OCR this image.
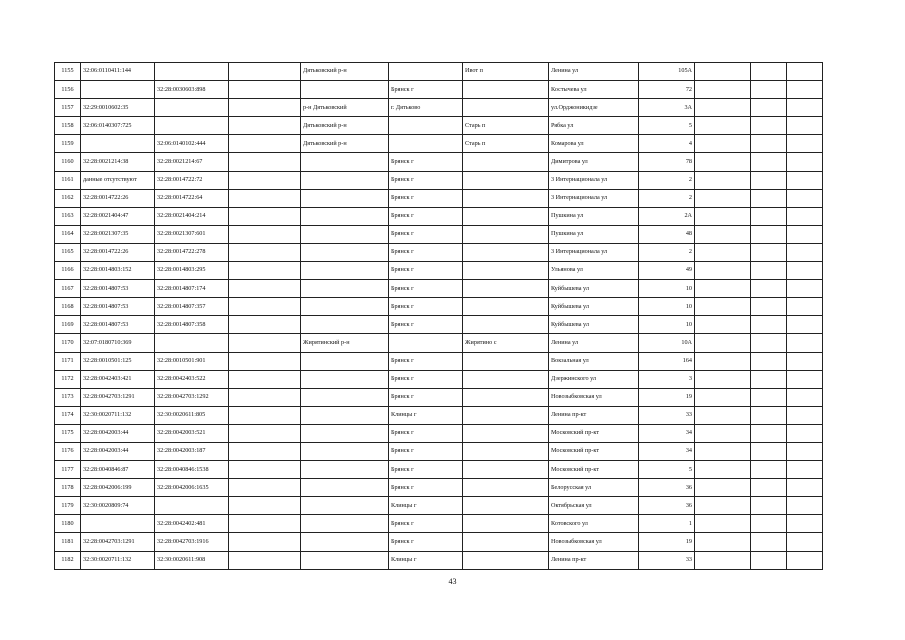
1155	32:06:0110411:144			Дятьковский р-н		Ивот п	Ленина ул	105А			
1156		32:28:0030603:898			Брянск г		Костычева ул	72			
1157	32:29:0010602:35			р-н Дятьковский	г. Дятьково		ул.Орджоникидзе	3А			
1158	32:06:0140307:725			Дятьковский р-н		Старь п	Рябка ул	5			
1159		32:06:0140102:444		Дятьковский р-н		Старь п	Комарова ул	4			
1160	32:28:0021214:38	32:28:0021214:67			Брянск г		Димитрова ул	78			
1161	данные отсутствуют	32:28:0014722:72			Брянск г		3 Интернационала ул	2			
1162	32:28:0014722:26	32:28:0014722:64			Брянск г		3 Интернационала ул	2			
1163	32:28:0021404:47	32:28:0021404:214			Брянск г		Пушкина ул	2А			
1164	32:28:0021307:35	32:28:0021307:601			Брянск г		Пушкина ул	48			
1165	32:28:0014722:26	32:28:0014722:278			Брянск г		3 Интернационала ул	2			
1166	32:28:0014803:152	32:28:0014803:295			Брянск г		Ульянова ул	49			
1167	32:28:0014807:53	32:28:0014807:174			Брянск г		Куйбышева ул	10			
1168	32:28:0014807:53	32:28:0014807:357			Брянск г		Куйбышева ул	10			
1169	32:28:0014807:53	32:28:0014807:358			Брянск г		Куйбышева ул	10			
1170	32:07:0180710:369			Жирятинский р-н		Жирятино с	Ленина ул	10А			
1171	32:28:0010501:125	32:28:0010501:901			Брянск г		Вокзальная ул	164			
1172	32:28:0042403:421	32:28:0042403:522			Брянск г		Дзержинского ул	3			
1173	32:28:0042703:1291	32:28:0042703:1292			Брянск г		Новозыбковская ул	19			
1174	32:30:0020711:132	32:30:0020611:805			Клинцы г		Ленина пр-кт	33			
1175	32:28:0042003:44	32:28:0042003:521			Брянск г		Московский пр-кт	34			
1176	32:28:0042003:44	32:28:0042003:187			Брянск г		Московский пр-кт	34			
1177	32:28:0040846:87	32:28:0040846:1538			Брянск г		Московский пр-кт	5			
1178	32:28:0042006:199	32:28:0042006:1635			Брянск г		Белорусская ул	36			
1179	32:30:0020809:74				Клинцы г		Октябрьская ул	36			
1180		32:28:0042402:481			Брянск г		Котовского ул	1			
1181	32:28:0042703:1291	32:28:0042703:1916			Брянск г		Новозыбковская ул	19			
1182	32:30:0020711:132	32:30:0020611:908			Клинцы г		Ленина пр-кт	33			
43
